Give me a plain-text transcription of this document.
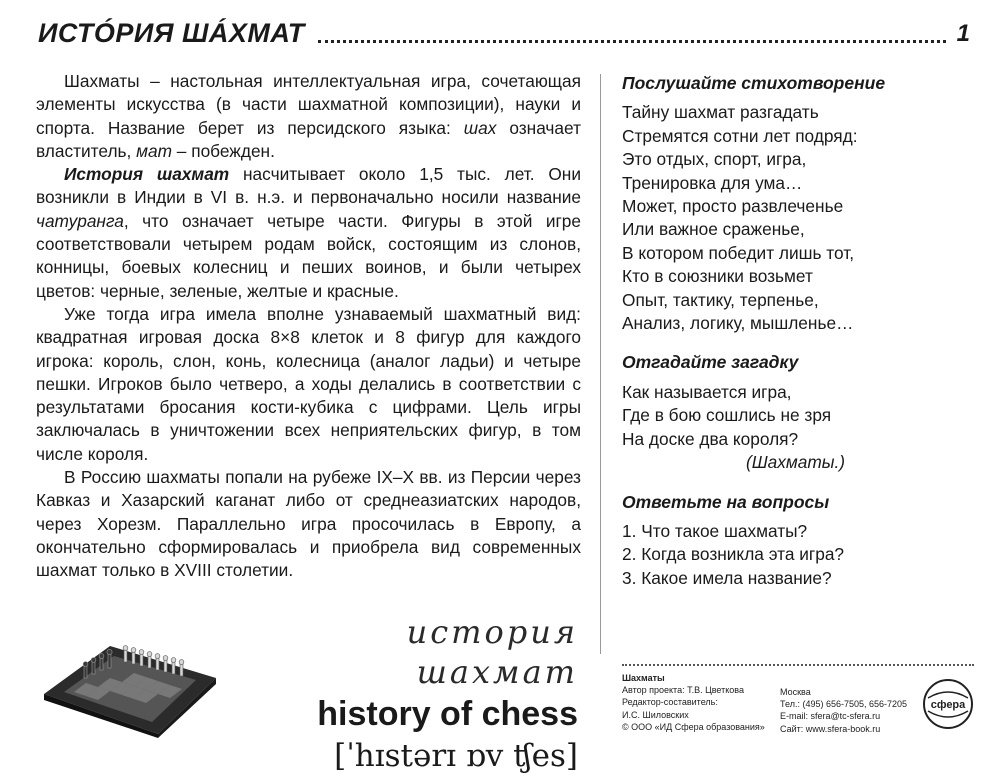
ИСТÓРИЯ ШÁХМАТ	1

Шахматы – настольная интеллектуальная игра, сочетающая элементы искусства (в части шахматной композиции), науки и спорта. Название берет из персидского языка: шах означает властитель, мат – побежден.

История шахмат насчитывает около 1,5 тыс. лет. Они возникли в Индии в VI в. н.э. и первоначально носили название чатуранга, что означает четыре части. Фигуры в этой игре соответствовали четырем родам войск, состоящим из слонов, конницы, боевых колесниц и пеших воинов, и были четырех цветов: черные, зеленые, желтые и красные.

Уже тогда игра имела вполне узнаваемый шахматный вид: квадратная игровая доска 8×8 клеток и 8 фигур для каждого игрока: король, слон, конь, колесница (аналог ладьи) и четыре пешки. Игроков было четверо, а ходы делались в соответствии с результатами бросания кости-кубика с цифрами. Цель игры заключалась в уничтожении всех неприятельских фигур, в том числе короля.

В Россию шахматы попали на рубеже IX–X вв. из Персии через Кавказ и Хазарский каганат либо от среднеазиатских народов, через Хорезм. Параллельно игра просочилась в Европу, а окончательно сформировалась и приобрела вид современных шахмат только в XVIII столетии.

Послушайте стихотворение
Тайну шахмат разгадать
Стремятся сотни лет подряд:
Это отдых, спорт, игра,
Тренировка для ума…
Может, просто развлеченье
Или важное сраженье,
В котором победит лишь тот,
Кто в союзники возьмет
Опыт, тактику, терпенье,
Анализ, логику, мышленье…
Отгадайте загадку
Как называется игра,
Где в бою сошлись не зря
На доске два короля?
(Шахматы.)
Ответьте на вопросы
1. Что такое шахматы?
2. Когда возникла эта игра?
3. Какое имела название?
история шахмат
history of chess
[ˈhɪstərɪ ɒv ʧes]
Шахматы
Автор проекта: Т.В. Цветкова
Редактор-составитель:
И.С. Шиловских
© ООО «ИД Сфера образования»
Москва
Тел.: (495) 656-7505, 656-7205
E-mail: sfera@tc-sfera.ru
Сайт: www.sfera-book.ru
сфера
